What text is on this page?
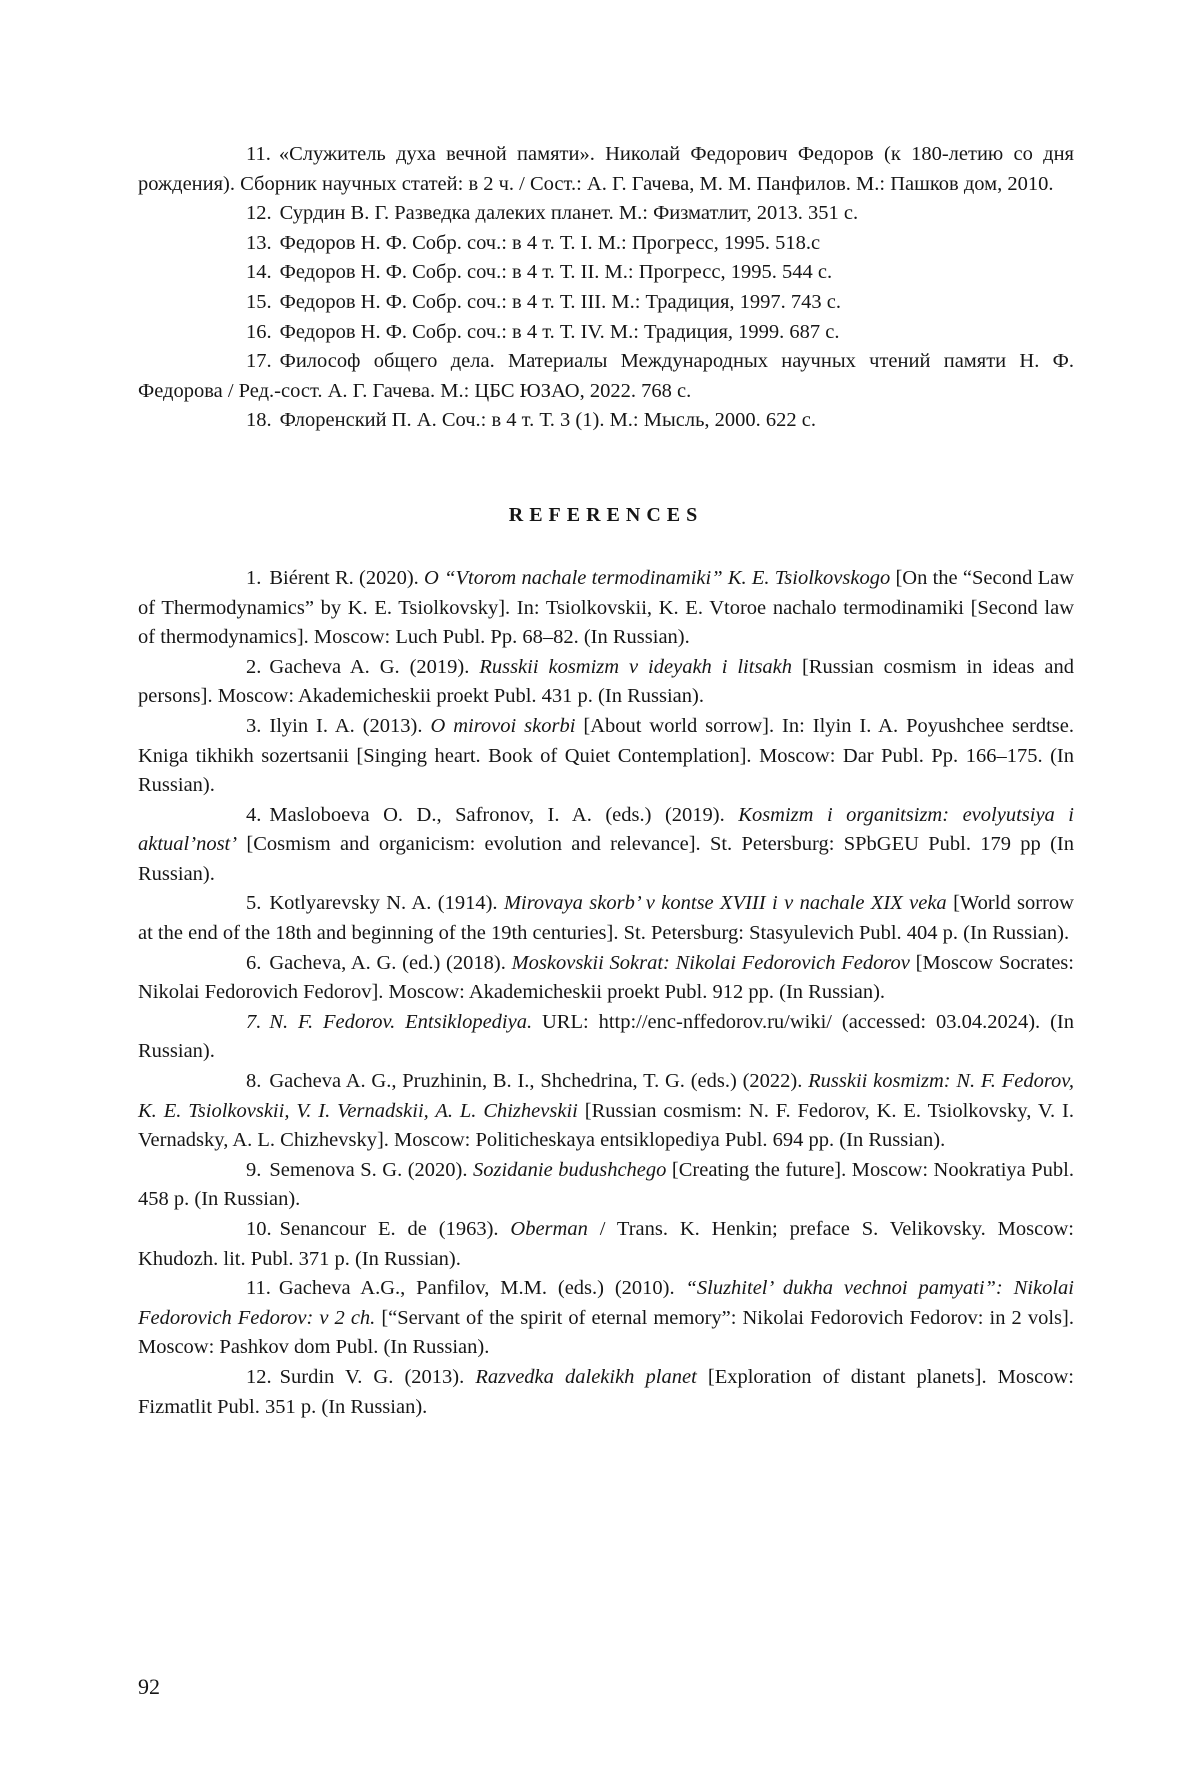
11. «Служитель духа вечной памяти». Николай Федорович Федоров (к 180-летию со дня рождения). Сборник научных статей: в 2 ч. / Сост.: А. Г. Гачева, М. М. Панфилов. М.: Пашков дом, 2010.

12. Сурдин В. Г. Разведка далеких планет. М.: Физматлит, 2013. 351 с.

13. Федоров Н. Ф. Собр. соч.: в 4 т. Т. I. М.: Прогресс, 1995. 518.с

14. Федоров Н. Ф. Собр. соч.: в 4 т. Т. II. М.: Прогресс, 1995. 544 с.

15. Федоров Н. Ф. Собр. соч.: в 4 т. Т. III. М.: Традиция, 1997. 743 с.

16. Федоров Н. Ф. Собр. соч.: в 4 т. Т. IV. М.: Традиция, 1999. 687 с.

17. Философ общего дела. Материалы Международных научных чтений памяти Н. Ф. Федорова / Ред.-сост. А. Г. Гачева. М.: ЦБС ЮЗАО, 2022. 768 с.

18. Флоренский П. А. Соч.: в 4 т. Т. 3 (1). М.: Мысль, 2000. 622 с.

REFERENCES

1. Biérent R. (2020). O “Vtorom nachale termodinamiki” K. E. Tsiolkovskogo [On the “Second Law of Thermodynamics” by K. E. Tsiolkovsky]. In: Tsiolkovskii, K. E. Vtoroe nachalo termodinamiki [Second law of thermodynamics]. Moscow: Luch Publ. Pp. 68–82. (In Russian).

2. Gacheva A. G. (2019). Russkii kosmizm v ideyakh i litsakh [Russian cosmism in ideas and persons]. Moscow: Akademicheskii proekt Publ. 431 p. (In Russian).

3. Ilyin I. A. (2013). O mirovoi skorbi [About world sorrow]. In: Ilyin I. A. Poyushchee serdtse. Kniga tikhikh sozertsanii [Singing heart. Book of Quiet Contemplation]. Moscow: Dar Publ. Pp. 166–175. (In Russian).

4. Masloboeva O. D., Safronov, I. A. (eds.) (2019). Kosmizm i organitsizm: evolyutsiya i aktual’nost’ [Cosmism and organicism: evolution and relevance]. St. Petersburg: SPbGEU Publ. 179 pp (In Russian).

5. Kotlyarevsky N. A. (1914). Mirovaya skorb’ v kontse XVIII i v nachale XIX veka [World sorrow at the end of the 18th and beginning of the 19th centuries]. St. Petersburg: Stasyulevich Publ. 404 p. (In Russian).

6. Gacheva, A. G. (ed.) (2018). Moskovskii Sokrat: Nikolai Fedorovich Fedorov [Moscow Socrates: Nikolai Fedorovich Fedorov]. Moscow: Akademicheskii proekt Publ. 912 pp. (In Russian).

7. N. F. Fedorov. Entsiklopediya. URL: http://enc-nffedorov.ru/wiki/ (accessed: 03.04.2024). (In Russian).

8. Gacheva A. G., Pruzhinin, B. I., Shchedrina, T. G. (eds.) (2022). Russkii kosmizm: N. F. Fedorov, K. E. Tsiolkovskii, V. I. Vernadskii, A. L. Chizhevskii [Russian cosmism: N. F. Fedorov, K. E. Tsiolkovsky, V. I. Vernadsky, A. L. Chizhevsky]. Moscow: Politicheskaya entsiklopediya Publ. 694 pp. (In Russian).

9. Semenova S. G. (2020). Sozidanie budushchego [Creating the future]. Moscow: Nookratiya Publ. 458 p. (In Russian).

10. Senancour E. de (1963). Oberman / Trans. K. Henkin; preface S. Velikovsky. Moscow: Khudozh. lit. Publ. 371 p. (In Russian).

11. Gacheva A.G., Panfilov, M.M. (eds.) (2010). “Sluzhitel’ dukha vechnoi pamyati”: Nikolai Fedorovich Fedorov: v 2 ch. [“Servant of the spirit of eternal memory”: Nikolai Fedorovich Fedorov: in 2 vols]. Moscow: Pashkov dom Publ. (In Russian).

12. Surdin V. G. (2013). Razvedka dalekikh planet [Exploration of distant planets]. Moscow: Fizmatlit Publ. 351 p. (In Russian).

92
